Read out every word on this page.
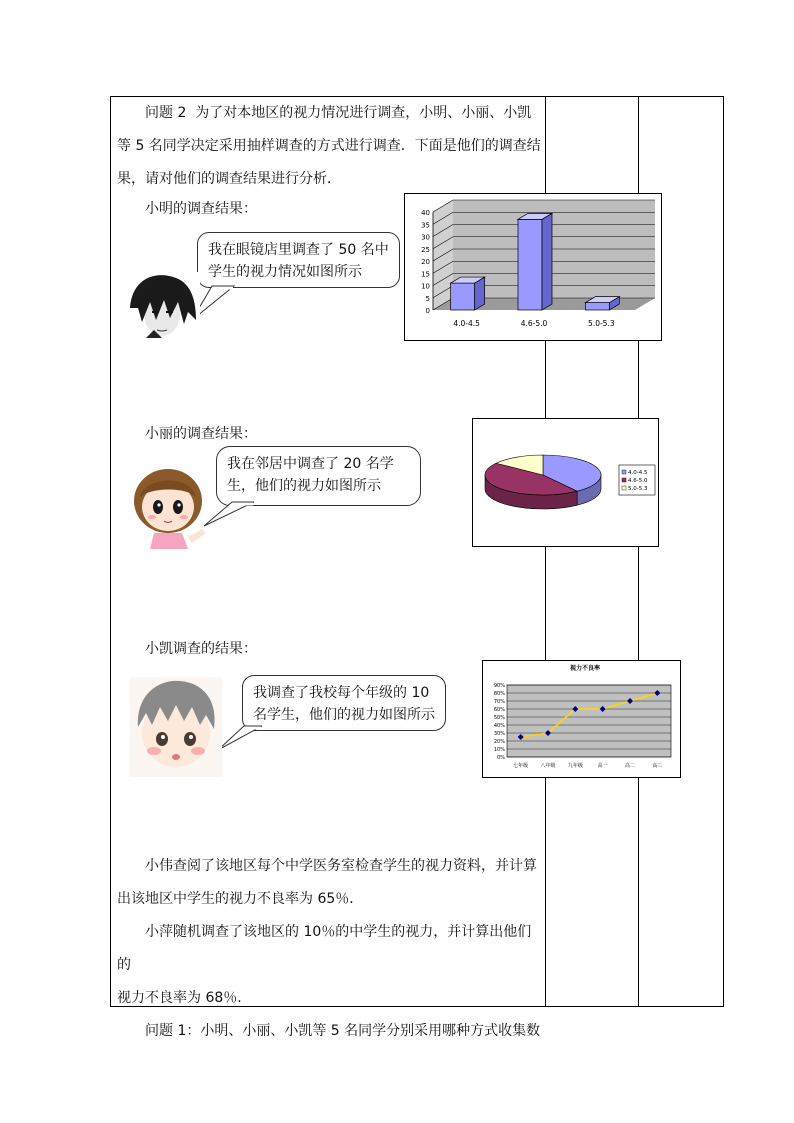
问题 2 为了对本地区的视力情况进行调查，小明、小丽、小凯

等 5 名同学决定采用抽样调查的方式进行调查．下面是他们的调查结

果，请对他们的调查结果进行分析．

小明的调查结果：
我在眼镜店里调查了 50 名中
学生的视力情况如图所示
0
5
10
15
20
25
30
35
40
4.0-4.5	4.6-5.0	5.0-5.3
小丽的调查结果：
我在邻居中调查了 20 名学
生，他们的视力如图所示
4.0-4.5
4.6-5.0
5.0-5.3
小凯调查的结果：
我调查了我校每个年级的 10
名学生，他们的视力如图所示
视力不良率
0%
10%
20%
30%
40%
50%
60%
70%
80%
90%
七年级 八年级 九年级	高一	高二	高三

小伟查阅了该地区每个中学医务室检查学生的视力资料，并计算

出该地区中学生的视力不良率为 65％．

小萍随机调查了该地区的 10％的中学生的视力，并计算出他们的

视力不良率为 68％．

问题 1：小明、小丽、小凯等 5 名同学分别采用哪种方式收集数
